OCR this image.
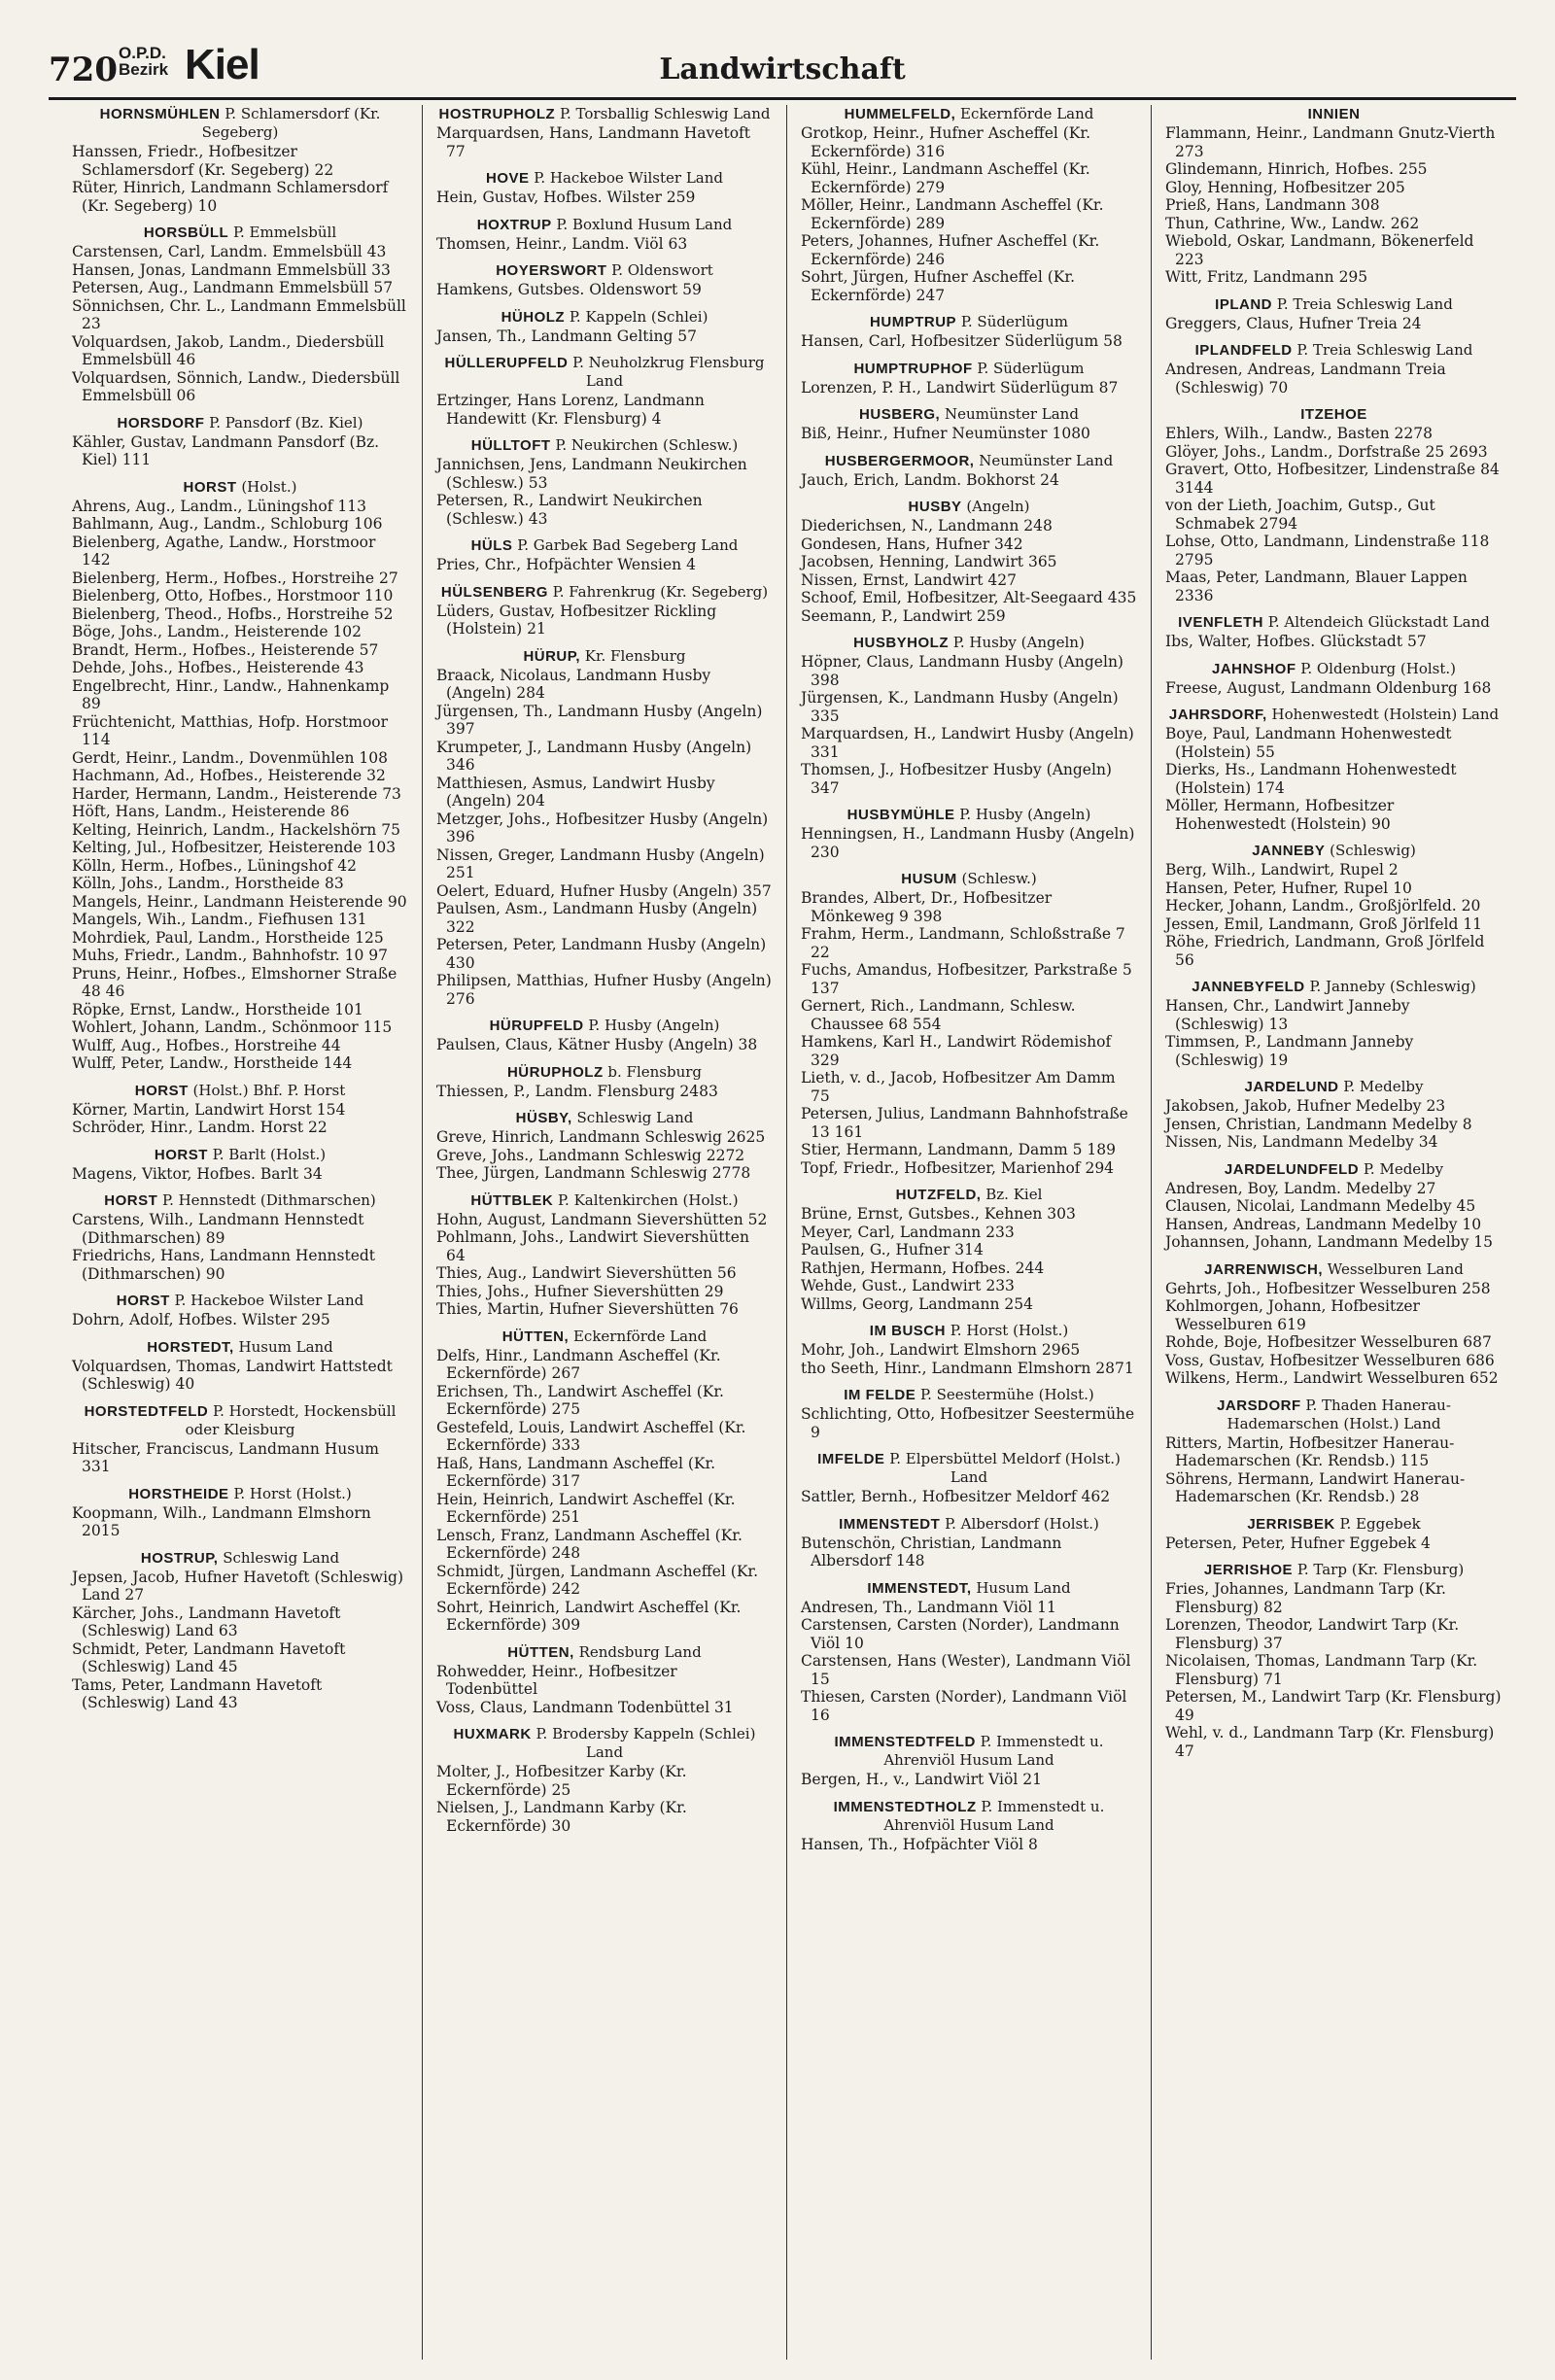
720 O.P.D.
Bezirk Kiel	Landwirtschaft
HORNSMÜHLEN P. Schlamersdorf (Kr. Segeberg)
Hanssen, Friedr., Hofbesitzer Schlamersdorf (Kr. Segeberg) 22
Rüter, Hinrich, Landmann Schlamersdorf (Kr. Segeberg) 10
HORSBÜLL P. Emmelsbüll
Carstensen, Carl, Landm. Emmelsbüll 43
Hansen, Jonas, Landmann Emmelsbüll 33
Petersen, Aug., Landmann Emmelsbüll 57
Sönnichsen, Chr. L., Landmann Emmelsbüll 23
Volquardsen, Jakob, Landm., Diedersbüll Emmelsbüll 46
Volquardsen, Sönnich, Landw., Diedersbüll Emmelsbüll 06
HORSDORF P. Pansdorf (Bz. Kiel)
Kähler, Gustav, Landmann Pansdorf (Bz. Kiel) 111
HORST (Holst.)
Ahrens, Aug., Landm., Lüningshof 113
Bahlmann, Aug., Landm., Schloburg 106
Bielenberg, Agathe, Landw., Horstmoor 142
Bielenberg, Herm., Hofbes., Horstreihe 27
Bielenberg, Otto, Hofbes., Horstmoor 110
Bielenberg, Theod., Hofbs., Horstreihe 52
Böge, Johs., Landm., Heisterende 102
Brandt, Herm., Hofbes., Heisterende 57
Dehde, Johs., Hofbes., Heisterende 43
Engelbrecht, Hinr., Landw., Hahnenkamp 89
Früchtenicht, Matthias, Hofp. Horstmoor 114
Gerdt, Heinr., Landm., Dovenmühlen 108
Hachmann, Ad., Hofbes., Heisterende 32
Harder, Hermann, Landm., Heisterende 73
Höft, Hans, Landm., Heisterende 86
Kelting, Heinrich, Landm., Hackelshörn 75
Kelting, Jul., Hofbesitzer, Heisterende 103
Kölln, Herm., Hofbes., Lüningshof 42
Kölln, Johs., Landm., Horstheide 83
Mangels, Heinr., Landmann Heisterende 90
Mangels, Wih., Landm., Fiefhusen 131
Mohrdiek, Paul, Landm., Horstheide 125
Muhs, Friedr., Landm., Bahnhofstr. 10 97
Pruns, Heinr., Hofbes., Elmshorner Straße 48 46
Röpke, Ernst, Landw., Horstheide 101
Wohlert, Johann, Landm., Schönmoor 115
Wulff, Aug., Hofbes., Horstreihe 44
Wulff, Peter, Landw., Horstheide 144
HORST (Holst.) Bhf. P. Horst
Körner, Martin, Landwirt Horst 154
Schröder, Hinr., Landm. Horst 22
HORST P. Barlt (Holst.)
Magens, Viktor, Hofbes. Barlt 34
HORST P. Hennstedt (Dithmarschen)
Carstens, Wilh., Landmann Hennstedt (Dithmarschen) 89
Friedrichs, Hans, Landmann Hennstedt (Dithmarschen) 90
HORST P. Hackeboe Wilster Land
Dohrn, Adolf, Hofbes. Wilster 295
HORSTEDT, Husum Land
Volquardsen, Thomas, Landwirt Hattstedt (Schleswig) 40
HORSTEDTFELD P. Horstedt, Hockensbüll oder Kleisburg
Hitscher, Franciscus, Landmann Husum 331
HORSTHEIDE P. Horst (Holst.)
Koopmann, Wilh., Landmann Elmshorn 2015
HOSTRUP, Schleswig Land
Jepsen, Jacob, Hufner Havetoft (Schleswig) Land 27
Kärcher, Johs., Landmann Havetoft (Schleswig) Land 63
Schmidt, Peter, Landmann Havetoft (Schleswig) Land 45
Tams, Peter, Landmann Havetoft (Schleswig) Land 43
HOSTRUPHOLZ P. Torsballig Schleswig Land
Marquardsen, Hans, Landmann Havetoft 77
HOVE P. Hackeboe Wilster Land
Hein, Gustav, Hofbes. Wilster 259
HOXTRUP P. Boxlund Husum Land
Thomsen, Heinr., Landm. Viöl 63
HOYERSWORT P. Oldenswort
Hamkens, Gutsbes. Oldenswort 59
HÜHOLZ P. Kappeln (Schlei)
Jansen, Th., Landmann Gelting 57
HÜLLERUPFELD P. Neuholzkrug Flensburg Land
Ertzinger, Hans Lorenz, Landmann Handewitt (Kr. Flensburg) 4
HÜLLTOFT P. Neukirchen (Schlesw.)
Jannichsen, Jens, Landmann Neukirchen (Schlesw.) 53
Petersen, R., Landwirt Neukirchen (Schlesw.) 43
HÜLS P. Garbek Bad Segeberg Land
Pries, Chr., Hofpächter Wensien 4
HÜLSENBERG P. Fahrenkrug (Kr. Segeberg)
Lüders, Gustav, Hofbesitzer Rickling (Holstein) 21
HÜRUP, Kr. Flensburg
Braack, Nicolaus, Landmann Husby (Angeln) 284
Jürgensen, Th., Landmann Husby (Angeln) 397
Krumpeter, J., Landmann Husby (Angeln) 346
Matthiesen, Asmus, Landwirt Husby (Angeln) 204
Metzger, Johs., Hofbesitzer Husby (Angeln) 396
Nissen, Greger, Landmann Husby (Angeln) 251
Oelert, Eduard, Hufner Husby (Angeln) 357
Paulsen, Asm., Landmann Husby (Angeln) 322
Petersen, Peter, Landmann Husby (Angeln) 430
Philipsen, Matthias, Hufner Husby (Angeln) 276
HÜRUPFELD P. Husby (Angeln)
Paulsen, Claus, Kätner Husby (Angeln) 38
HÜRUPHOLZ b. Flensburg
Thiessen, P., Landm. Flensburg 2483
HÜSBY, Schleswig Land
Greve, Hinrich, Landmann Schleswig 2625
Greve, Johs., Landmann Schleswig 2272
Thee, Jürgen, Landmann Schleswig 2778
HÜTTBLEK P. Kaltenkirchen (Holst.)
Hohn, August, Landmann Sievershütten 52
Pohlmann, Johs., Landwirt Sievershütten 64
Thies, Aug., Landwirt Sievershütten 56
Thies, Johs., Hufner Sievershütten 29
Thies, Martin, Hufner Sievershütten 76
HÜTTEN, Eckernförde Land
Delfs, Hinr., Landmann Ascheffel (Kr. Eckernförde) 267
Erichsen, Th., Landwirt Ascheffel (Kr. Eckernförde) 275
Gestefeld, Louis, Landwirt Ascheffel (Kr. Eckernförde) 333
Haß, Hans, Landmann Ascheffel (Kr. Eckernförde) 317
Hein, Heinrich, Landwirt Ascheffel (Kr. Eckernförde) 251
Lensch, Franz, Landmann Ascheffel (Kr. Eckernförde) 248
Schmidt, Jürgen, Landmann Ascheffel (Kr. Eckernförde) 242
Sohrt, Heinrich, Landwirt Ascheffel (Kr. Eckernförde) 309
HÜTTEN, Rendsburg Land
Rohwedder, Heinr., Hofbesitzer Todenbüttel
Voss, Claus, Landmann Todenbüttel 31
HUXMARK P. Brodersby Kappeln (Schlei) Land
Molter, J., Hofbesitzer Karby (Kr. Eckernförde) 25
Nielsen, J., Landmann Karby (Kr. Eckernförde) 30
HUMMELFELD, Eckernförde Land
Grotkop, Heinr., Hufner Ascheffel (Kr. Eckernförde) 316
Kühl, Heinr., Landmann Ascheffel (Kr. Eckernförde) 279
Möller, Heinr., Landmann Ascheffel (Kr. Eckernförde) 289
Peters, Johannes, Hufner Ascheffel (Kr. Eckernförde) 246
Sohrt, Jürgen, Hufner Ascheffel (Kr. Eckernförde) 247
HUMPTRUP P. Süderlügum
Hansen, Carl, Hofbesitzer Süderlügum 58
HUMPTRUPHOF P. Süderlügum
Lorenzen, P. H., Landwirt Süderlügum 87
HUSBERG, Neumünster Land
Biß, Heinr., Hufner Neumünster 1080
HUSBERGERMOOR, Neumünster Land
Jauch, Erich, Landm. Bokhorst 24
HUSBY (Angeln)
Diederichsen, N., Landmann 248
Gondesen, Hans, Hufner 342
Jacobsen, Henning, Landwirt 365
Nissen, Ernst, Landwirt 427
Schoof, Emil, Hofbesitzer, Alt-Seegaard 435
Seemann, P., Landwirt 259
HUSBYHOLZ P. Husby (Angeln)
Höpner, Claus, Landmann Husby (Angeln) 398
Jürgensen, K., Landmann Husby (Angeln) 335
Marquardsen, H., Landwirt Husby (Angeln) 331
Thomsen, J., Hofbesitzer Husby (Angeln) 347
HUSBYMÜHLE P. Husby (Angeln)
Henningsen, H., Landmann Husby (Angeln) 230
HUSUM (Schlesw.)
Brandes, Albert, Dr., Hofbesitzer Mönkeweg 9 398
Frahm, Herm., Landmann, Schloßstraße 7 22
Fuchs, Amandus, Hofbesitzer, Parkstraße 5 137
Gernert, Rich., Landmann, Schlesw. Chaussee 68 554
Hamkens, Karl H., Landwirt Rödemishof 329
Lieth, v. d., Jacob, Hofbesitzer Am Damm 75
Petersen, Julius, Landmann Bahnhofstraße 13 161
Stier, Hermann, Landmann, Damm 5 189
Topf, Friedr., Hofbesitzer, Marienhof 294
HUTZFELD, Bz. Kiel
Brüne, Ernst, Gutsbes., Kehnen 303
Meyer, Carl, Landmann 233
Paulsen, G., Hufner 314
Rathjen, Hermann, Hofbes. 244
Wehde, Gust., Landwirt 233
Willms, Georg, Landmann 254
IM BUSCH P. Horst (Holst.)
Mohr, Joh., Landwirt Elmshorn 2965
tho Seeth, Hinr., Landmann Elmshorn 2871
IM FELDE P. Seestermühe (Holst.)
Schlichting, Otto, Hofbesitzer Seestermühe 9
IMFELDE P. Elpersbüttel Meldorf (Holst.) Land
Sattler, Bernh., Hofbesitzer Meldorf 462
IMMENSTEDT P. Albersdorf (Holst.)
Butenschön, Christian, Landmann Albersdorf 148
IMMENSTEDT, Husum Land
Andresen, Th., Landmann Viöl 11
Carstensen, Carsten (Norder), Landmann Viöl 10
Carstensen, Hans (Wester), Landmann Viöl 15
Thiesen, Carsten (Norder), Landmann Viöl 16
IMMENSTEDTFELD P. Immenstedt u. Ahrenviöl Husum Land
Bergen, H., v., Landwirt Viöl 21
IMMENSTEDTHOLZ P. Immenstedt u. Ahrenviöl Husum Land
Hansen, Th., Hofpächter Viöl 8
INNIEN
Flammann, Heinr., Landmann Gnutz-Vierth 273
Glindemann, Hinrich, Hofbes. 255
Gloy, Henning, Hofbesitzer 205
Prieß, Hans, Landmann 308
Thun, Cathrine, Ww., Landw. 262
Wiebold, Oskar, Landmann, Bökenerfeld 223
Witt, Fritz, Landmann 295
IPLAND P. Treia Schleswig Land
Greggers, Claus, Hufner Treia 24
IPLANDFELD P. Treia Schleswig Land
Andresen, Andreas, Landmann Treia (Schleswig) 70
ITZEHOE
Ehlers, Wilh., Landw., Basten 2278
Glöyer, Johs., Landm., Dorfstraße 25 2693
Gravert, Otto, Hofbesitzer, Lindenstraße 84 3144
von der Lieth, Joachim, Gutsp., Gut Schmabek 2794
Lohse, Otto, Landmann, Lindenstraße 118 2795
Maas, Peter, Landmann, Blauer Lappen 2336
IVENFLETH P. Altendeich Glückstadt Land
Ibs, Walter, Hofbes. Glückstadt 57
JAHNSHOF P. Oldenburg (Holst.)
Freese, August, Landmann Oldenburg 168
JAHRSDORF, Hohenwestedt (Holstein) Land
Boye, Paul, Landmann Hohenwestedt (Holstein) 55
Dierks, Hs., Landmann Hohenwestedt (Holstein) 174
Möller, Hermann, Hofbesitzer Hohenwestedt (Holstein) 90
JANNEBY (Schleswig)
Berg, Wilh., Landwirt, Rupel 2
Hansen, Peter, Hufner, Rupel 10
Hecker, Johann, Landm., Großjörlfeld. 20
Jessen, Emil, Landmann, Groß Jörlfeld 11
Röhe, Friedrich, Landmann, Groß Jörlfeld 56
JANNEBYFELD P. Janneby (Schleswig)
Hansen, Chr., Landwirt Janneby (Schleswig) 13
Timmsen, P., Landmann Janneby (Schleswig) 19
JARDELUND P. Medelby
Jakobsen, Jakob, Hufner Medelby 23
Jensen, Christian, Landmann Medelby 8
Nissen, Nis, Landmann Medelby 34
JARDELUNDFELD P. Medelby
Andresen, Boy, Landm. Medelby 27
Clausen, Nicolai, Landmann Medelby 45
Hansen, Andreas, Landmann Medelby 10
Johannsen, Johann, Landmann Medelby 15
JARRENWISCH, Wesselburen Land
Gehrts, Joh., Hofbesitzer Wesselburen 258
Kohlmorgen, Johann, Hofbesitzer Wesselburen 619
Rohde, Boje, Hofbesitzer Wesselburen 687
Voss, Gustav, Hofbesitzer Wesselburen 686
Wilkens, Herm., Landwirt Wesselburen 652
JARSDORF P. Thaden Hanerau-Hademarschen (Holst.) Land
Ritters, Martin, Hofbesitzer Hanerau-Hademarschen (Kr. Rendsb.) 115
Söhrens, Hermann, Landwirt Hanerau-Hademarschen (Kr. Rendsb.) 28
JERRISBEK P. Eggebek
Petersen, Peter, Hufner Eggebek 4
JERRISHOE P. Tarp (Kr. Flensburg)
Fries, Johannes, Landmann Tarp (Kr. Flensburg) 82
Lorenzen, Theodor, Landwirt Tarp (Kr. Flensburg) 37
Nicolaisen, Thomas, Landmann Tarp (Kr. Flensburg) 71
Petersen, M., Landwirt Tarp (Kr. Flensburg) 49
Wehl, v. d., Landmann Tarp (Kr. Flensburg) 47
